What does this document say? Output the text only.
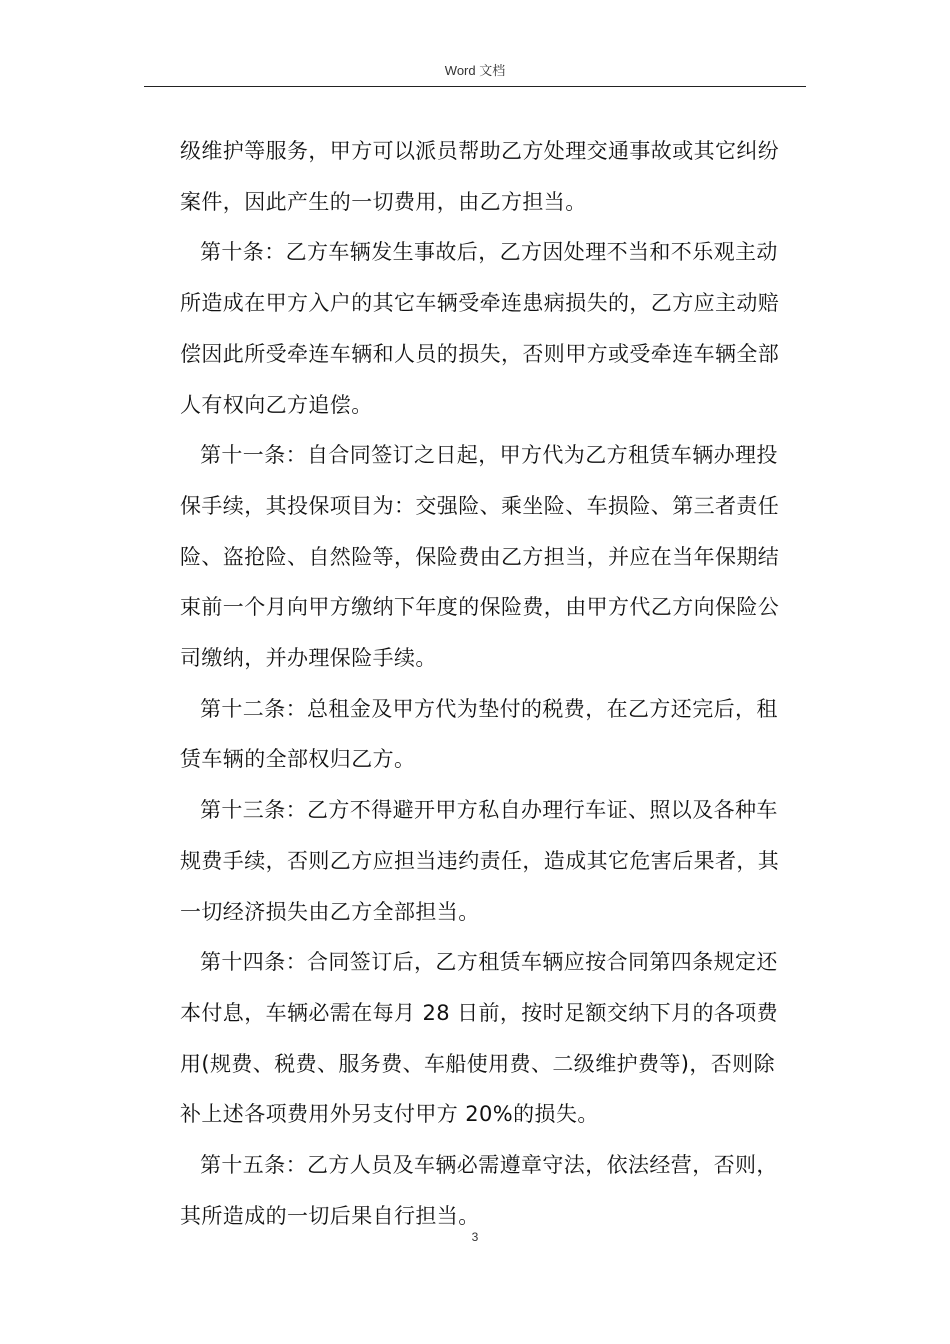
Word 文档

级维护等服务，甲方可以派员帮助乙方处理交通事故或其它纠纷
案件，因此产生的一切费用，由乙方担当。

第十条：乙方车辆发生事故后，乙方因处理不当和不乐观主动
所造成在甲方入户的其它车辆受牵连患病损失的，乙方应主动赔
偿因此所受牵连车辆和人员的损失，否则甲方或受牵连车辆全部
人有权向乙方追偿。

第十一条：自合同签订之日起，甲方代为乙方租赁车辆办理投
保手续，其投保项目为：交强险、乘坐险、车损险、第三者责任
险、盗抢险、自然险等，保险费由乙方担当，并应在当年保期结
束前一个月向甲方缴纳下年度的保险费，由甲方代乙方向保险公
司缴纳，并办理保险手续。

第十二条：总租金及甲方代为垫付的税费，在乙方还完后，租
赁车辆的全部权归乙方。

第十三条：乙方不得避开甲方私自办理行车证、照以及各种车
规费手续，否则乙方应担当违约责任，造成其它危害后果者，其
一切经济损失由乙方全部担当。

第十四条：合同签订后，乙方租赁车辆应按合同第四条规定还
本付息，车辆必需在每月 28 日前，按时足额交纳下月的各项费
用(规费、税费、服务费、车船使用费、二级维护费等)，否则除
补上述各项费用外另支付甲方 20%的损失。

第十五条：乙方人员及车辆必需遵章守法，依法经营，否则，
其所造成的一切后果自行担当。

3
